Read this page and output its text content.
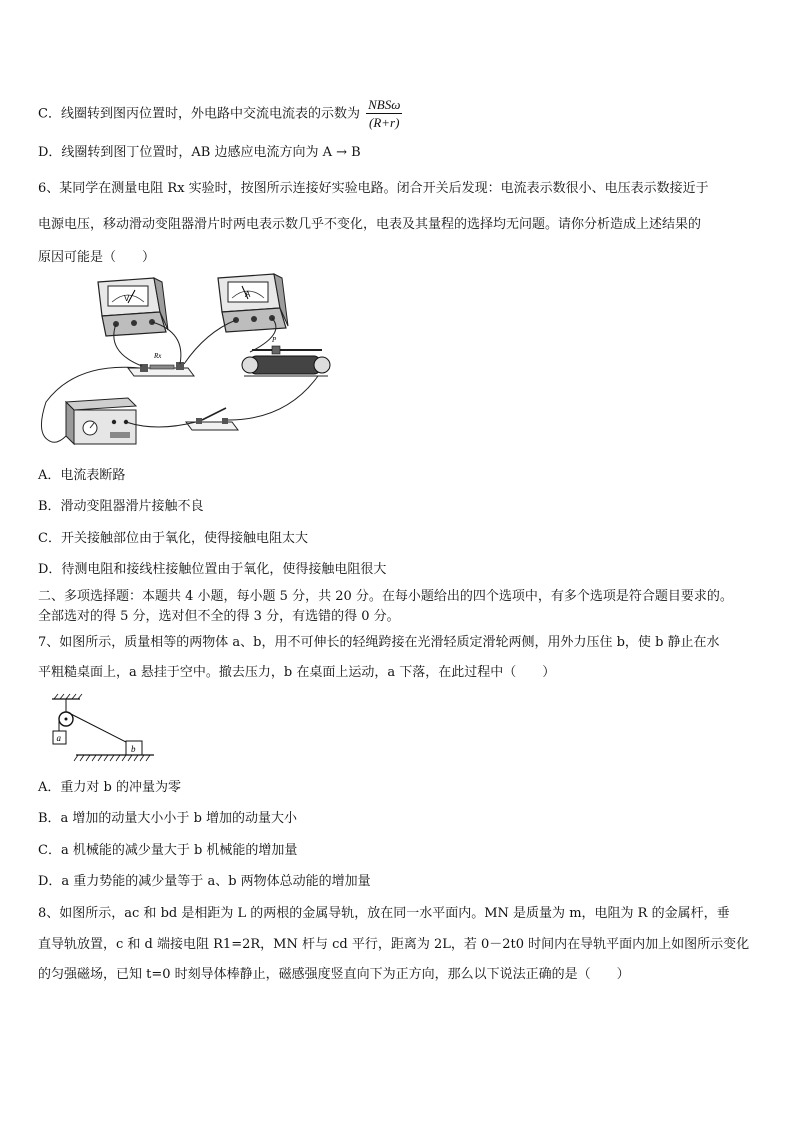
C．线圈转到图丙位置时，外电路中交流电流表的示数为 $\frac{\text{NBSω}}{(R+r)}$
D．线圈转到图丁位置时，AB 边感应电流方向为 A → B
6、某同学在测量电阻 Rx 实验时，按图所示连接好实验电路。闭合开关后发现：电流表示数很小、电压表示数接近于
电源电压，移动滑动变阻器滑片时两电表示数几乎不变化，电表及其量程的选择均无问题。请你分析造成上述结果的
原因可能是（　　）
V	A
Rx
P
A．电流表断路
B．滑动变阻器滑片接触不良
C．开关接触部位由于氧化，使得接触电阻太大
D．待测电阻和接线柱接触位置由于氧化，使得接触电阻很大
二、多项选择题：本题共 4 小题，每小题 5 分，共 20 分。在每小题给出的四个选项中，有多个选项是符合题目要求的。
全部选对的得 5 分，选对但不全的得 3 分，有选错的得 0 分。
7、如图所示，质量相等的两物体 a、b，用不可伸长的轻绳跨接在光滑轻质定滑轮两侧，用外力压住 b，使 b 静止在水
平粗糙桌面上，a 悬挂于空中。撤去压力，b 在桌面上运动，a 下落，在此过程中（　　）
a
b
A．重力对 b 的冲量为零
B．a 增加的动量大小小于 b 增加的动量大小
C．a 机械能的减少量大于 b 机械能的增加量
D．a 重力势能的减少量等于 a、b 两物体总动能的增加量
8、如图所示，ac 和 bd 是相距为 L 的两根的金属导轨，放在同一水平面内。MN 是质量为 m，电阻为 R 的金属杆，垂
直导轨放置，c 和 d 端接电阻 R1=2R，MN 杆与 cd 平行，距离为 2L，若 0－2t0 时间内在导轨平面内加上如图所示变化
的匀强磁场，已知 t=0 时刻导体棒静止，磁感强度竖直向下为正方向，那么以下说法正确的是（　　）
